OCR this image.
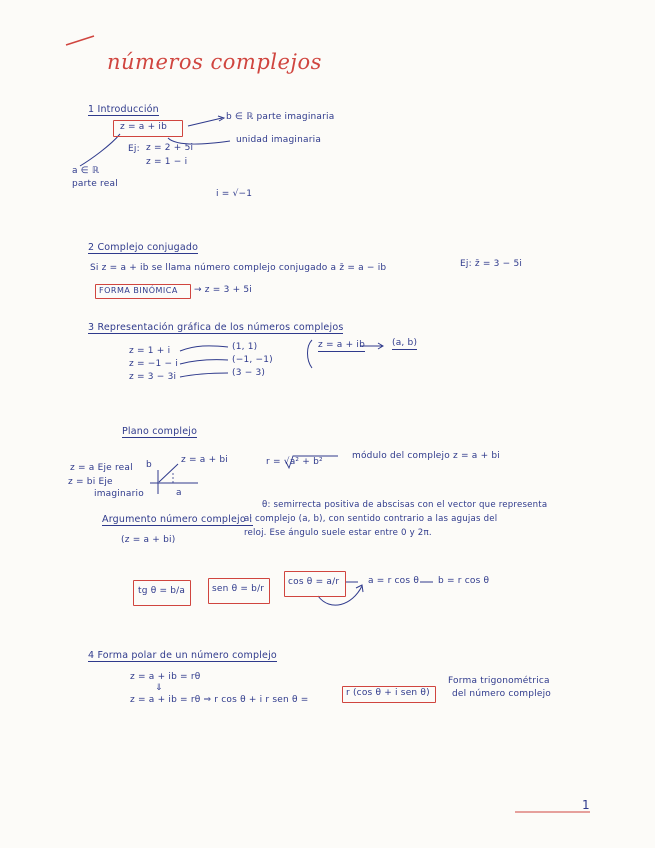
números complejos
1 Introducción
z = a + ib
b ∈ ℝ parte imaginaria
Ej: z = 2 + 5i
z = 1 − i
unidad imaginaria
a ∈ ℝ
parte real
i = √−1
2 Complejo conjugado
Si z = a + ib se llama número complejo conjugado a z̄ = a − ib	Ej: z̄ = 3 − 5i
FORMA BINÓMICA → z = 3 + 5i
3 Representación gráfica de los números complejos
z = 1 + i	(1, 1)
z = −1 − i	(−1, −1)
z = 3 − 3i	(3 − 3)
z = a + ib	(a, b)
Plano complejo
z = a Eje real
z = bi Eje
imaginario
b
a
z = a + bi	r = √a² + b²
módulo del complejo z = a + bi
Argumento número complejo :
(z = a + bi)
θ: semirrecta positiva de abscisas con el vector que representa
al complejo (a, b), con sentido contrario a las agujas del
reloj. Ese ángulo suele estar entre 0 y 2π.
tg θ = b/a	sen θ = b/r
cos θ = a/r	a = r cos θ b = r cos θ
4 Forma polar de un número complejo
z = a + ib = rθ
⇓
z = a + ib = rθ ⇒ r cos θ + i r sen θ =
r (cos θ + i sen θ)
Forma trigonométrica
del número complejo
1
